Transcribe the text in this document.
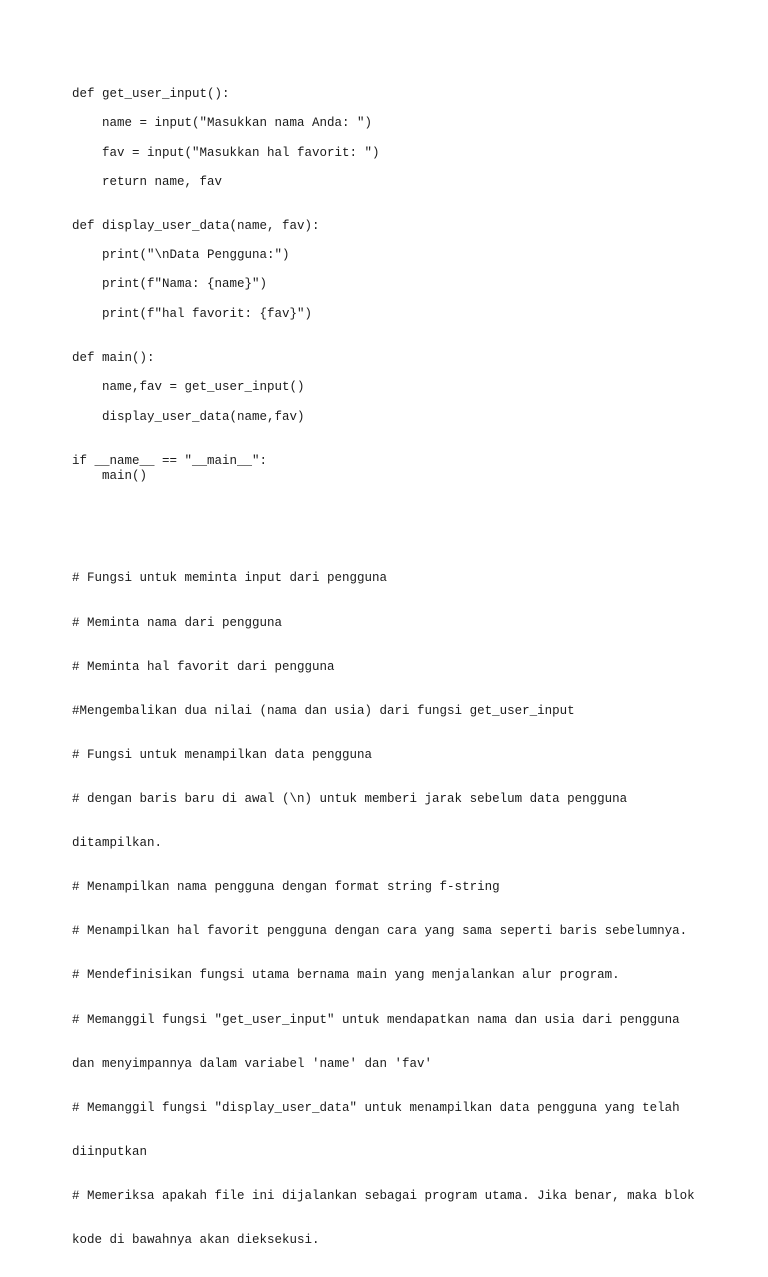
def get_user_input():
name = input("Masukkan nama Anda: ")
fav = input("Masukkan hal favorit: ")
return name, fav
def display_user_data(name, fav):
print("\nData Pengguna:")
print(f"Nama: {name}")
print(f"hal favorit: {fav}")
def main():
name,fav = get_user_input()
display_user_data(name,fav)
if __name__ == "__main__":
main()

# Fungsi untuk meminta input dari pengguna

# Meminta nama dari pengguna

# Meminta hal favorit dari pengguna

#Mengembalikan dua nilai (nama dan usia) dari fungsi get_user_input

# Fungsi untuk menampilkan data pengguna

# dengan baris baru di awal (\n) untuk memberi jarak sebelum data pengguna

ditampilkan.

# Menampilkan nama pengguna dengan format string f-string

# Menampilkan hal favorit pengguna dengan cara yang sama seperti baris sebelumnya.

# Mendefinisikan fungsi utama bernama main yang menjalankan alur program.

# Memanggil fungsi "get_user_input" untuk mendapatkan nama dan usia dari pengguna

dan menyimpannya dalam variabel 'name' dan 'fav'

# Memanggil fungsi "display_user_data" untuk menampilkan data pengguna yang telah

diinputkan

# Memeriksa apakah file ini dijalankan sebagai program utama. Jika benar, maka blok

kode di bawahnya akan dieksekusi.
